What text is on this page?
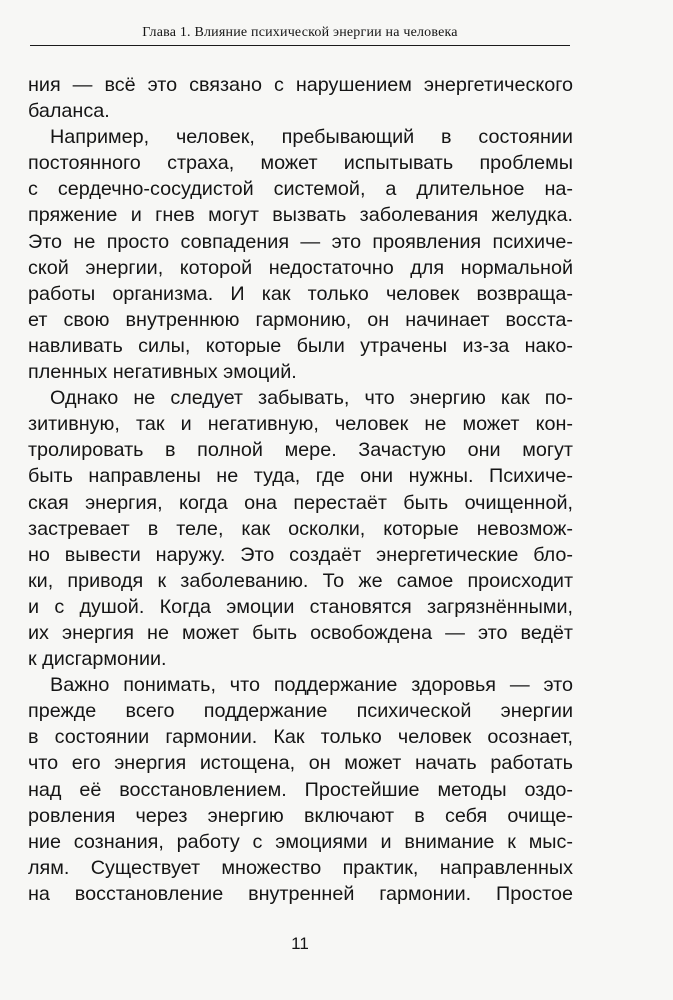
Глава 1. Влияние психической энергии на человека
ния — всё это связано с нарушением энергетического
баланса.
Например, человек, пребывающий в состоянии
постоянного страха, может испытывать проблемы
с сердечно-сосудистой системой, а длительное на-
пряжение и гнев могут вызвать заболевания желудка.
Это не просто совпадения — это проявления психиче-
ской энергии, которой недостаточно для нормальной
работы организма. И как только человек возвраща-
ет свою внутреннюю гармонию, он начинает восста-
навливать силы, которые были утрачены из-за нако-
пленных негативных эмоций.
Однако не следует забывать, что энергию как по-
зитивную, так и негативную, человек не может кон-
тролировать в полной мере. Зачастую они могут
быть направлены не туда, где они нужны. Психиче-
ская энергия, когда она перестаёт быть очищенной,
застревает в теле, как осколки, которые невозмож-
но вывести наружу. Это создаёт энергетические бло-
ки, приводя к заболеванию. То же самое происходит
и с душой. Когда эмоции становятся загрязнёнными,
их энергия не может быть освобождена — это ведёт
к дисгармонии.
Важно понимать, что поддержание здоровья — это
прежде всего поддержание психической энергии
в состоянии гармонии. Как только человек осознает,
что его энергия истощена, он может начать работать
над её восстановлением. Простейшие методы оздо-
ровления через энергию включают в себя очище-
ние сознания, работу с эмоциями и внимание к мыс-
лям. Существует множество практик, направленных
на восстановление внутренней гармонии. Простое
11
